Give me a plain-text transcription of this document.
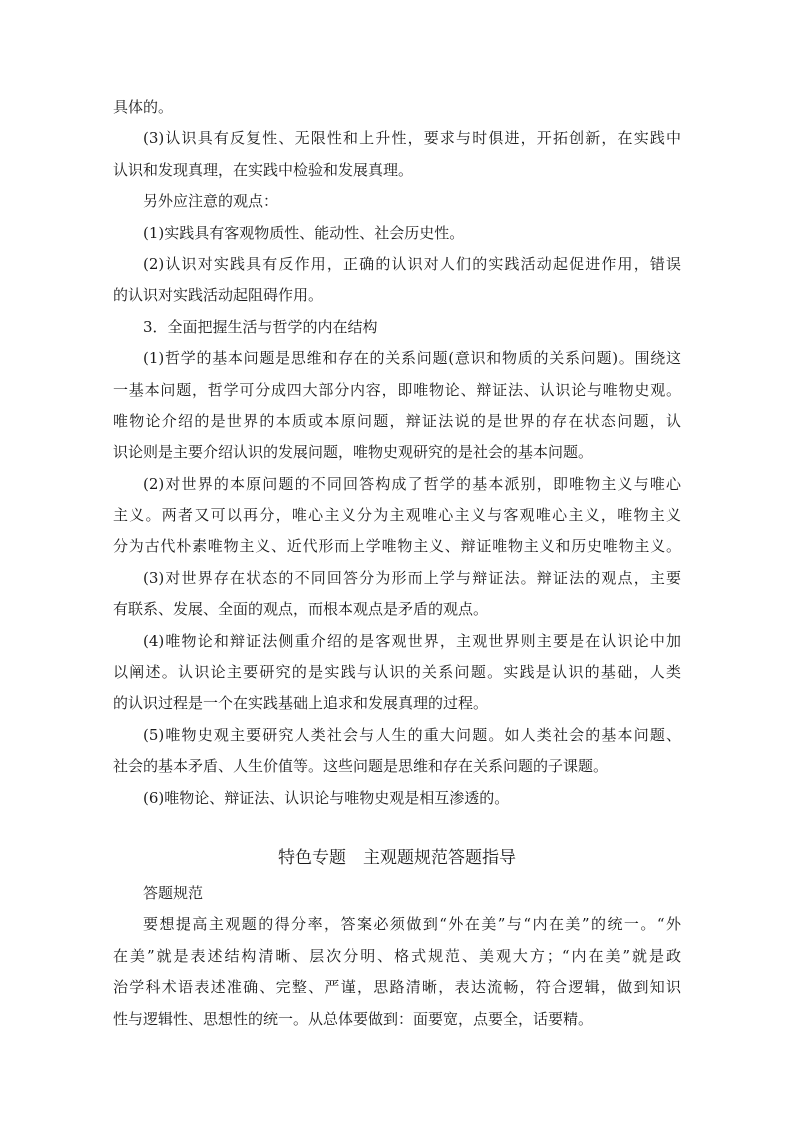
具体的。
(3)认识具有反复性、无限性和上升性，要求与时俱进，开拓创新，在实践中
认识和发现真理，在实践中检验和发展真理。
另外应注意的观点：
(1)实践具有客观物质性、能动性、社会历史性。
(2)认识对实践具有反作用，正确的认识对人们的实践活动起促进作用，错误
的认识对实践活动起阻碍作用。
3．全面把握生活与哲学的内在结构
(1)哲学的基本问题是思维和存在的关系问题(意识和物质的关系问题)。围绕这
一基本问题，哲学可分成四大部分内容，即唯物论、辩证法、认识论与唯物史观。
唯物论介绍的是世界的本质或本原问题，辩证法说的是世界的存在状态问题，认
识论则是主要介绍认识的发展问题，唯物史观研究的是社会的基本问题。
(2)对世界的本原问题的不同回答构成了哲学的基本派别，即唯物主义与唯心
主义。两者又可以再分，唯心主义分为主观唯心主义与客观唯心主义，唯物主义
分为古代朴素唯物主义、近代形而上学唯物主义、辩证唯物主义和历史唯物主义。
(3)对世界存在状态的不同回答分为形而上学与辩证法。辩证法的观点，主要
有联系、发展、全面的观点，而根本观点是矛盾的观点。
(4)唯物论和辩证法侧重介绍的是客观世界，主观世界则主要是在认识论中加
以阐述。认识论主要研究的是实践与认识的关系问题。实践是认识的基础，人类
的认识过程是一个在实践基础上追求和发展真理的过程。
(5)唯物史观主要研究人类社会与人生的重大问题。如人类社会的基本问题、
社会的基本矛盾、人生价值等。这些问题是思维和存在关系问题的子课题。
(6)唯物论、辩证法、认识论与唯物史观是相互渗透的。
特色专题　主观题规范答题指导
答题规范
要想提高主观题的得分率，答案必须做到“外在美”与“内在美”的统一。“外
在美”就是表述结构清晰、层次分明、格式规范、美观大方；“内在美”就是政
治学科术语表述准确、完整、严谨，思路清晰，表达流畅，符合逻辑，做到知识
性与逻辑性、思想性的统一。从总体要做到：面要宽，点要全，话要精。
